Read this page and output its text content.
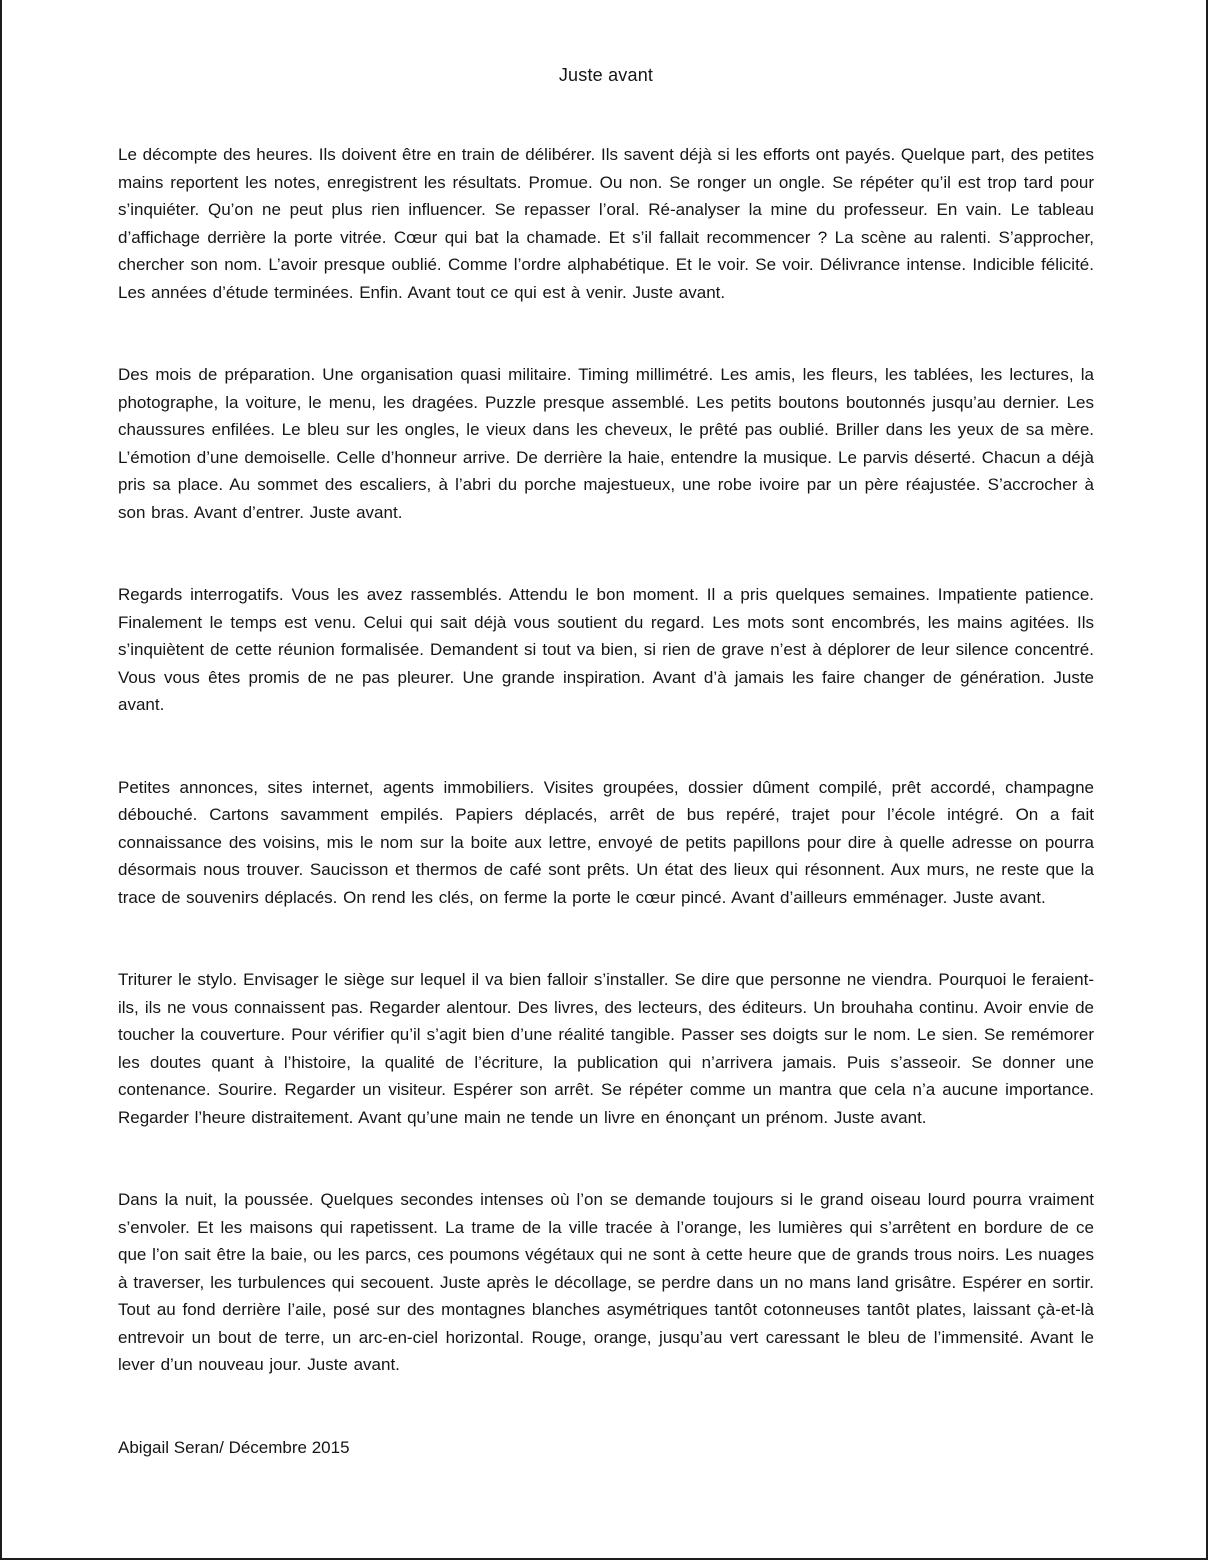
Juste avant

Le décompte des heures. Ils doivent être en train de délibérer. Ils savent déjà si les efforts ont payés. Quelque part, des petites mains reportent les notes, enregistrent les résultats. Promue. Ou non. Se ronger un ongle. Se répéter qu’il est trop tard pour s’inquiéter. Qu’on ne peut plus rien influencer. Se repasser l’oral. Ré-analyser la mine du professeur. En vain. Le tableau d’affichage derrière la porte vitrée. Cœur qui bat la chamade. Et s’il fallait recommencer ? La scène au ralenti. S’approcher, chercher son nom. L’avoir presque oublié. Comme l’ordre alphabétique. Et le voir. Se voir. Délivrance intense. Indicible félicité. Les années d’étude terminées. Enfin. Avant tout ce qui est à venir. Juste avant.

Des mois de préparation. Une organisation quasi militaire. Timing millimétré. Les amis, les fleurs, les tablées, les lectures, la photographe, la voiture, le menu, les dragées. Puzzle presque assemblé. Les petits boutons boutonnés jusqu’au dernier. Les chaussures enfilées. Le bleu sur les ongles, le vieux dans les cheveux, le prêté pas oublié. Briller dans les yeux de sa mère. L’émotion d’une demoiselle. Celle d’honneur arrive. De derrière la haie, entendre la musique. Le parvis déserté. Chacun a déjà pris sa place. Au sommet des escaliers, à l’abri du porche majestueux, une robe ivoire par un père réajustée. S’accrocher à son bras. Avant d’entrer. Juste avant.

Regards interrogatifs. Vous les avez rassemblés. Attendu le bon moment. Il a pris quelques semaines. Impatiente patience. Finalement le temps est venu. Celui qui sait déjà vous soutient du regard. Les mots sont encombrés, les mains agitées. Ils s’inquiètent de cette réunion formalisée. Demandent si tout va bien, si rien de grave n’est à déplorer de leur silence concentré. Vous vous êtes promis de ne pas pleurer. Une grande inspiration. Avant d’à jamais les faire changer de génération. Juste avant.

Petites annonces, sites internet, agents immobiliers. Visites groupées, dossier dûment compilé, prêt accordé, champagne débouché. Cartons savamment empilés. Papiers déplacés, arrêt de bus repéré, trajet pour l’école intégré. On a fait connaissance des voisins, mis le nom sur la boite aux lettre, envoyé de petits papillons pour dire à quelle adresse on pourra désormais nous trouver. Saucisson et thermos de café sont prêts. Un état des lieux qui résonnent. Aux murs, ne reste que la trace de souvenirs déplacés. On rend les clés, on ferme la porte le cœur pincé. Avant d’ailleurs emménager. Juste avant.

Triturer le stylo. Envisager le siège sur lequel il va bien falloir s’installer. Se dire que personne ne viendra. Pourquoi le feraient-ils, ils ne vous connaissent pas. Regarder alentour. Des livres, des lecteurs, des éditeurs. Un brouhaha continu. Avoir envie de toucher la couverture. Pour vérifier qu’il s’agit bien d’une réalité tangible. Passer ses doigts sur le nom. Le sien. Se remémorer les doutes quant à l’histoire, la qualité de l’écriture, la publication qui n’arrivera jamais. Puis s’asseoir. Se donner une contenance. Sourire. Regarder un visiteur. Espérer son arrêt. Se répéter comme un mantra que cela n’a aucune importance. Regarder l’heure distraitement. Avant qu’une main ne tende un livre en énonçant un prénom. Juste avant.

Dans la nuit, la poussée. Quelques secondes intenses où l’on se demande toujours si le grand oiseau lourd pourra vraiment s’envoler. Et les maisons qui rapetissent. La trame de la ville tracée à l’orange, les lumières qui s’arrêtent en bordure de ce que l’on sait être la baie, ou les parcs, ces poumons végétaux qui ne sont à cette heure que de grands trous noirs. Les nuages à traverser, les turbulences qui secouent. Juste après le décollage, se perdre dans un no mans land grisâtre. Espérer en sortir. Tout au fond derrière l’aile, posé sur des montagnes blanches asymétriques tantôt cotonneuses tantôt plates, laissant çà-et-là entrevoir un bout de terre, un arc-en-ciel horizontal. Rouge, orange, jusqu’au vert caressant le bleu de l’immensité. Avant le lever d’un nouveau jour. Juste avant.

Abigail Seran/ Décembre 2015
